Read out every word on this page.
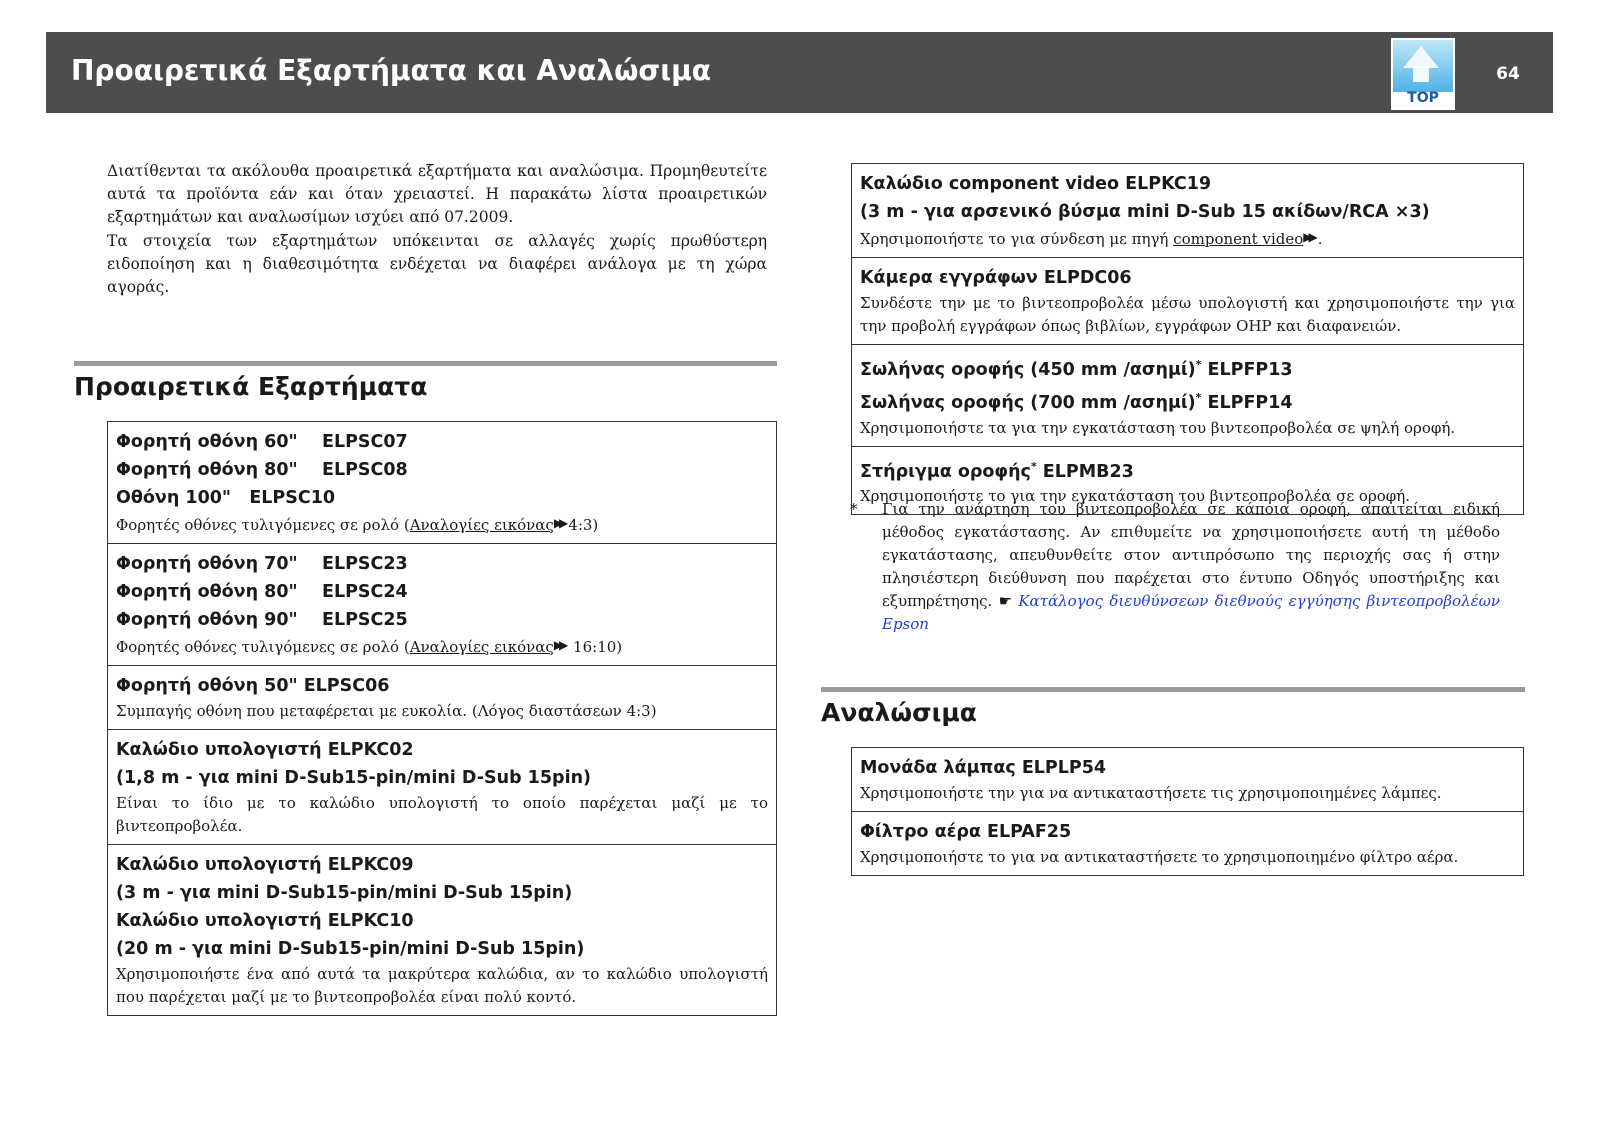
Προαιρετικά Εξαρτήματα και Αναλώσιμα
TOP
64

Διατίθενται τα ακόλουθα προαιρετικά εξαρτήματα και αναλώσιμα. Προμηθευτείτε αυτά τα προϊόντα εάν και όταν χρειαστεί. Η παρακάτω λίστα προαιρετικών εξαρτημάτων και αναλωσίμων ισχύει από 07.2009.

Τα στοιχεία των εξαρτημάτων υπόκεινται σε αλλαγές χωρίς πρωθύστερη ειδοποίηση και η διαθεσιμότητα ενδέχεται να διαφέρει ανάλογα με τη χώρα αγοράς.

Προαιρετικά Εξαρτήματα
Φορητή οθόνη 60"    ELPSC07
Φορητή οθόνη 80"    ELPSC08
Οθόνη 100"   ELPSC10
Φορητές οθόνες τυλιγόμενες σε ρολό (Αναλογίες εικόνας▶▶ 4:3)
Φορητή οθόνη 70"    ELPSC23
Φορητή οθόνη 80"    ELPSC24
Φορητή οθόνη 90"    ELPSC25
Φορητές οθόνες τυλιγόμενες σε ρολό (Αναλογίες εικόνας▶▶ 16:10)
Φορητή οθόνη 50" ELPSC06
Συμπαγής οθόνη που μεταφέρεται με ευκολία. (Λόγος διαστάσεων 4:3)
Καλώδιο υπολογιστή ELPKC02
(1,8 m - για mini D-Sub15-pin/mini D-Sub 15pin)
Είναι το ίδιο με το καλώδιο υπολογιστή το οποίο παρέχεται μαζί με το βιντεοπροβολέα.
Καλώδιο υπολογιστή ELPKC09
(3 m - για mini D-Sub15-pin/mini D-Sub 15pin)
Καλώδιο υπολογιστή ELPKC10
(20 m - για mini D-Sub15-pin/mini D-Sub 15pin)
Χρησιμοποιήστε ένα από αυτά τα μακρύτερα καλώδια, αν το καλώδιο υπολογιστή που παρέχεται μαζί με το βιντεοπροβολέα είναι πολύ κοντό.
Καλώδιο component video ELPKC19
(3 m - για αρσενικό βύσμα mini D-Sub 15 ακίδων/RCA ×3)
Χρησιμοποιήστε το για σύνδεση με πηγή component video▶▶ .
Κάμερα εγγράφων ELPDC06
Συνδέστε την με το βιντεοπροβολέα μέσω υπολογιστή και χρησιμοποιήστε την για την προβολή εγγράφων όπως βιβλίων, εγγράφων OHP και διαφανειών.
Σωλήνας οροφής (450 mm /ασημί)* ELPFP13
Σωλήνας οροφής (700 mm /ασημί)* ELPFP14
Χρησιμοποιήστε τα για την εγκατάσταση του βιντεοπροβολέα σε ψηλή οροφή.
Στήριγμα οροφής* ELPMB23
Χρησιμοποιήστε το για την εγκατάσταση του βιντεοπροβολέα σε οροφή.
* Για την ανάρτηση του βιντεοπροβολέα σε κάποια οροφή, απαιτείται ειδική μέθοδος εγκατάστασης. Αν επιθυμείτε να χρησιμοποιήσετε αυτή τη μέθοδο εγκατάστασης, απευθυνθείτε στον αντιπρόσωπο της περιοχής σας ή στην πλησιέστερη διεύθυνση που παρέχεται στο έντυπο Οδηγός υποστήριξης και εξυπηρέτησης. ☛ Κατάλογος διευθύνσεων διεθνούς εγγύησης βιντεοπροβολέων Epson
Αναλώσιμα
Μονάδα λάμπας ELPLP54
Χρησιμοποιήστε την για να αντικαταστήσετε τις χρησιμοποιημένες λάμπες.
Φίλτρο αέρα ELPAF25
Χρησιμοποιήστε το για να αντικαταστήσετε το χρησιμοποιημένο φίλτρο αέρα.
